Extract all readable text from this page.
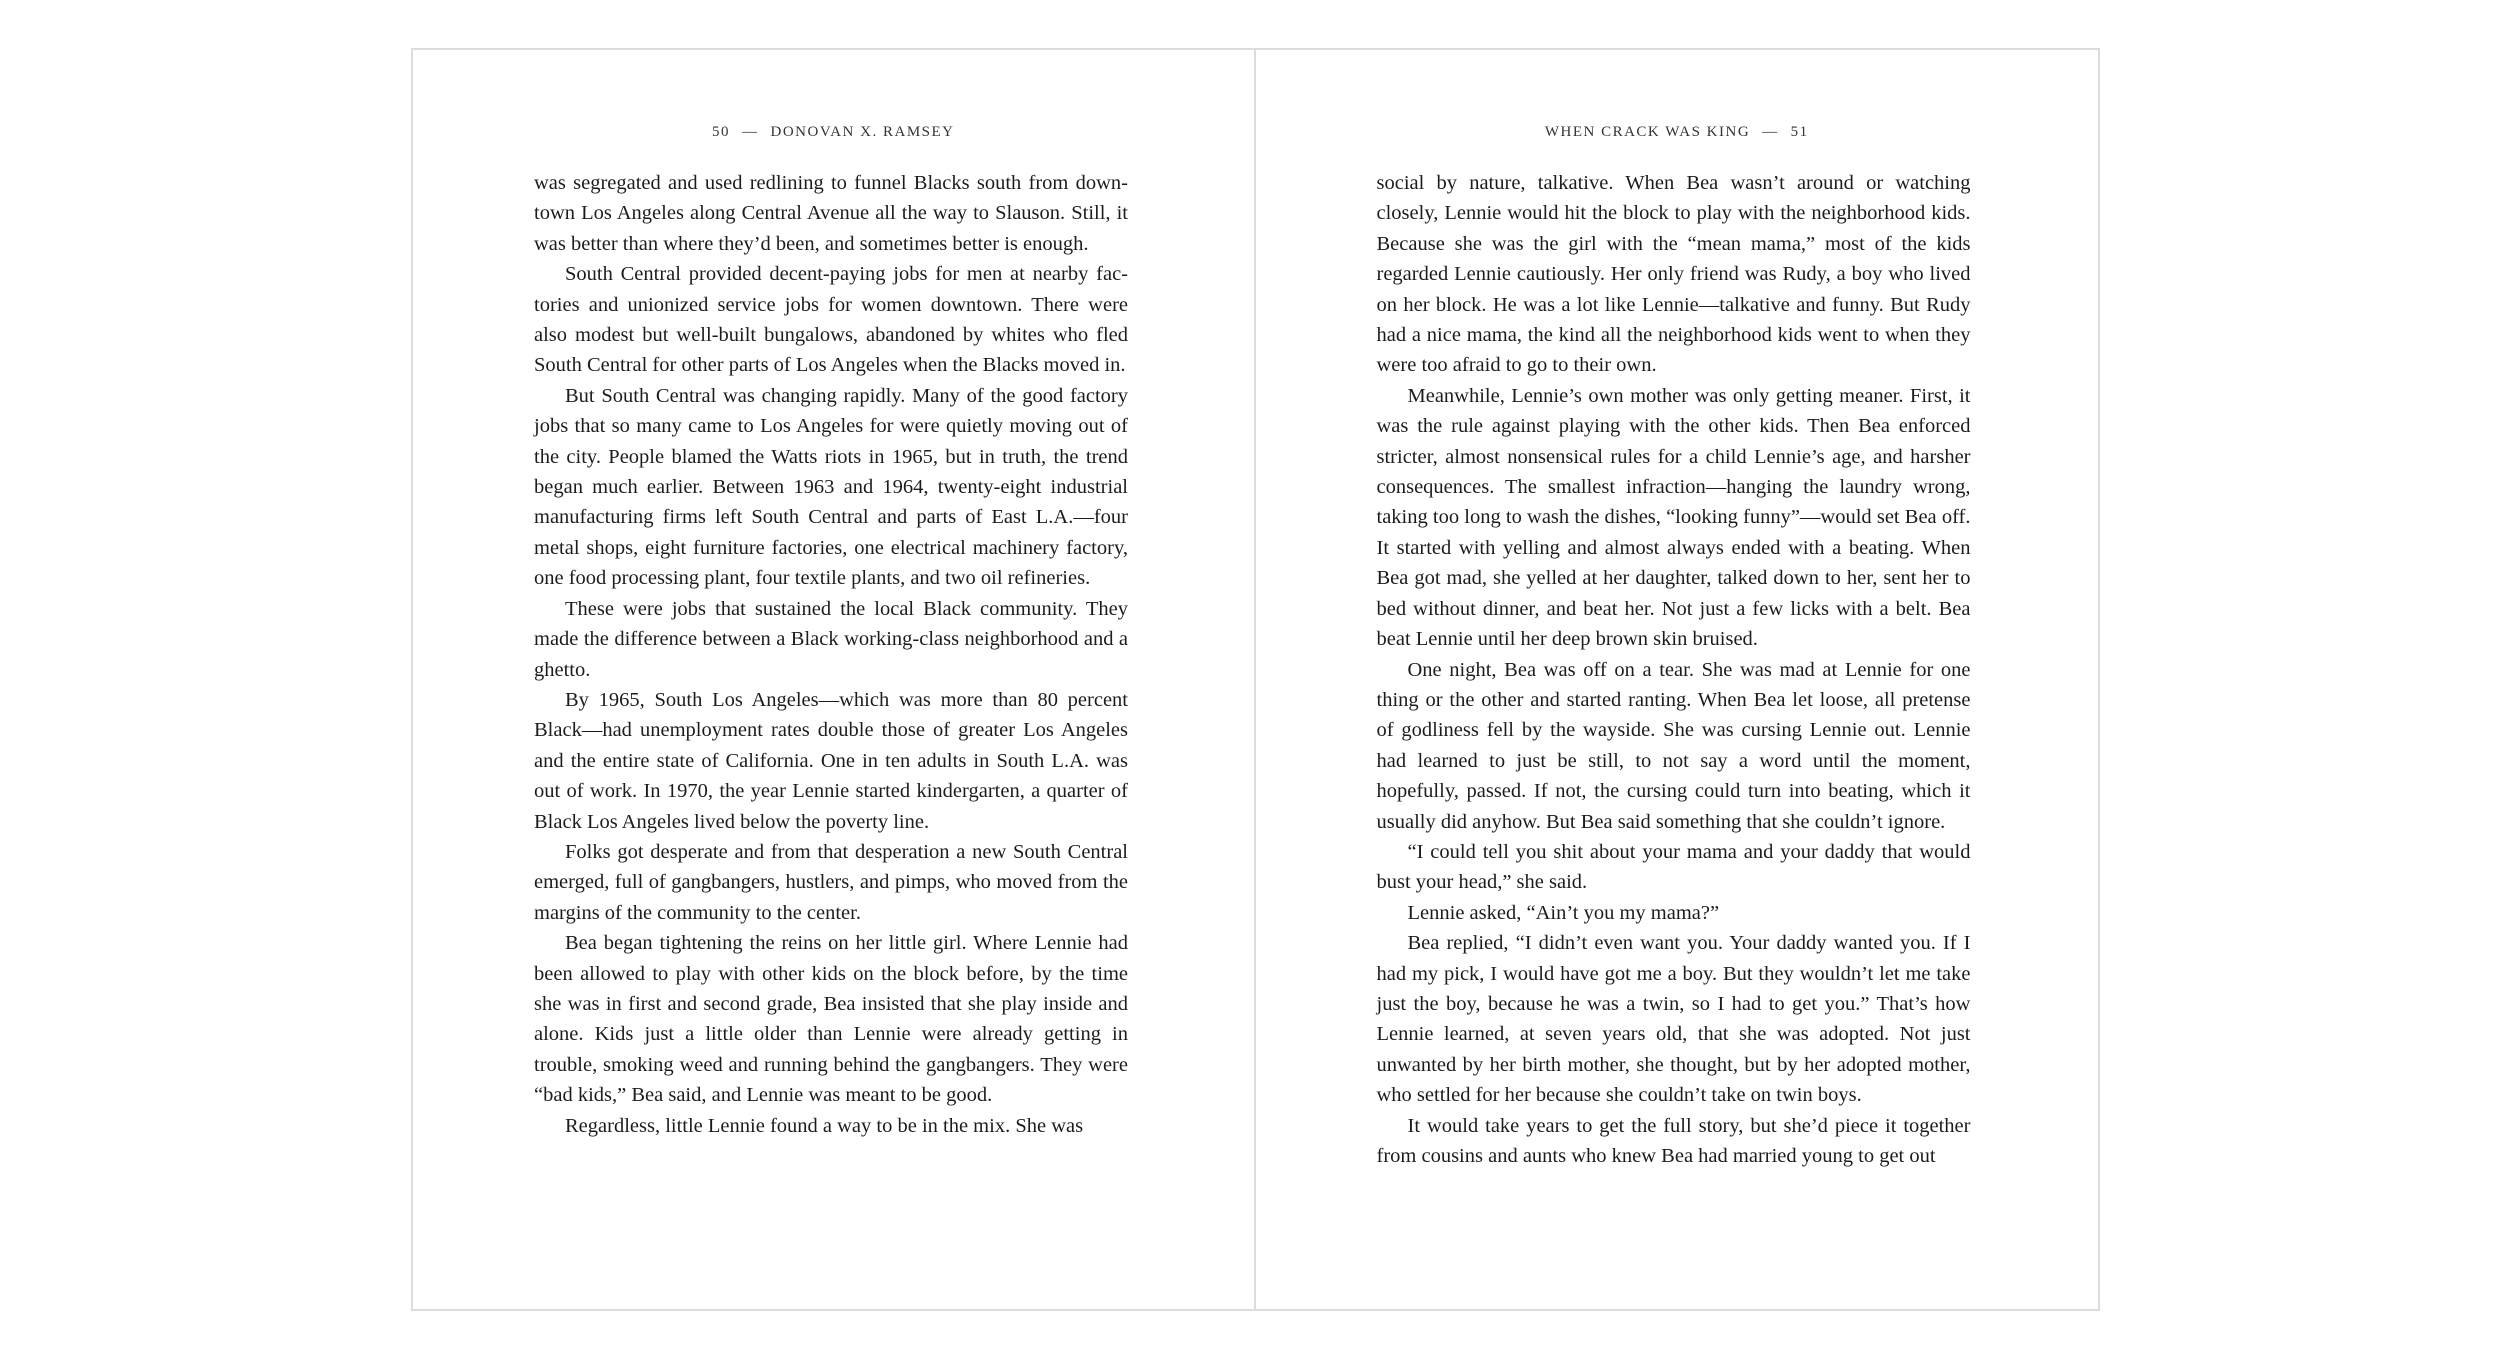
50 — DONOVAN X. RAMSEY

was segregated and used redlining to funnel Blacks south from downtown Los Angeles along Central Avenue all the way to Slauson. Still, it was better than where they’d been, and sometimes better is enough.

South Central provided decent-paying jobs for men at nearby factories and unionized service jobs for women downtown. There were also modest but well-built bungalows, abandoned by whites who fled South Central for other parts of Los Angeles when the Blacks moved in.

But South Central was changing rapidly. Many of the good factory jobs that so many came to Los Angeles for were quietly moving out of the city. People blamed the Watts riots in 1965, but in truth, the trend began much earlier. Between 1963 and 1964, twenty-eight industrial manufacturing firms left South Central and parts of East L.A.—four metal shops, eight furniture factories, one electrical machinery factory, one food processing plant, four textile plants, and two oil refineries.

These were jobs that sustained the local Black community. They made the difference between a Black working-class neighborhood and a ghetto.

By 1965, South Los Angeles—which was more than 80 percent Black—had unemployment rates double those of greater Los Angeles and the entire state of California. One in ten adults in South L.A. was out of work. In 1970, the year Lennie started kindergarten, a quarter of Black Los Angeles lived below the poverty line.

Folks got desperate and from that desperation a new South Central emerged, full of gangbangers, hustlers, and pimps, who moved from the margins of the community to the center.

Bea began tightening the reins on her little girl. Where Lennie had been allowed to play with other kids on the block before, by the time she was in first and second grade, Bea insisted that she play inside and alone. Kids just a little older than Lennie were already getting in trouble, smoking weed and running behind the gangbangers. They were “bad kids,” Bea said, and Lennie was meant to be good.

Regardless, little Lennie found a way to be in the mix. She was

WHEN CRACK WAS KING — 51

social by nature, talkative. When Bea wasn’t around or watching closely, Lennie would hit the block to play with the neighborhood kids. Because she was the girl with the “mean mama,” most of the kids regarded Lennie cautiously. Her only friend was Rudy, a boy who lived on her block. He was a lot like Lennie—talkative and funny. But Rudy had a nice mama, the kind all the neighborhood kids went to when they were too afraid to go to their own.

Meanwhile, Lennie’s own mother was only getting meaner. First, it was the rule against playing with the other kids. Then Bea enforced stricter, almost nonsensical rules for a child Lennie’s age, and harsher consequences. The smallest infraction—hanging the laundry wrong, taking too long to wash the dishes, “looking funny”—would set Bea off. It started with yelling and almost always ended with a beating. When Bea got mad, she yelled at her daughter, talked down to her, sent her to bed without dinner, and beat her. Not just a few licks with a belt. Bea beat Lennie until her deep brown skin bruised.

One night, Bea was off on a tear. She was mad at Lennie for one thing or the other and started ranting. When Bea let loose, all pretense of godliness fell by the wayside. She was cursing Lennie out. Lennie had learned to just be still, to not say a word until the moment, hopefully, passed. If not, the cursing could turn into beating, which it usually did anyhow. But Bea said something that she couldn’t ignore.

“I could tell you shit about your mama and your daddy that would bust your head,” she said.

Lennie asked, “Ain’t you my mama?”

Bea replied, “I didn’t even want you. Your daddy wanted you. If I had my pick, I would have got me a boy. But they wouldn’t let me take just the boy, because he was a twin, so I had to get you.” That’s how Lennie learned, at seven years old, that she was adopted. Not just unwanted by her birth mother, she thought, but by her adopted mother, who settled for her because she couldn’t take on twin boys.

It would take years to get the full story, but she’d piece it together from cousins and aunts who knew Bea had married young to get out
